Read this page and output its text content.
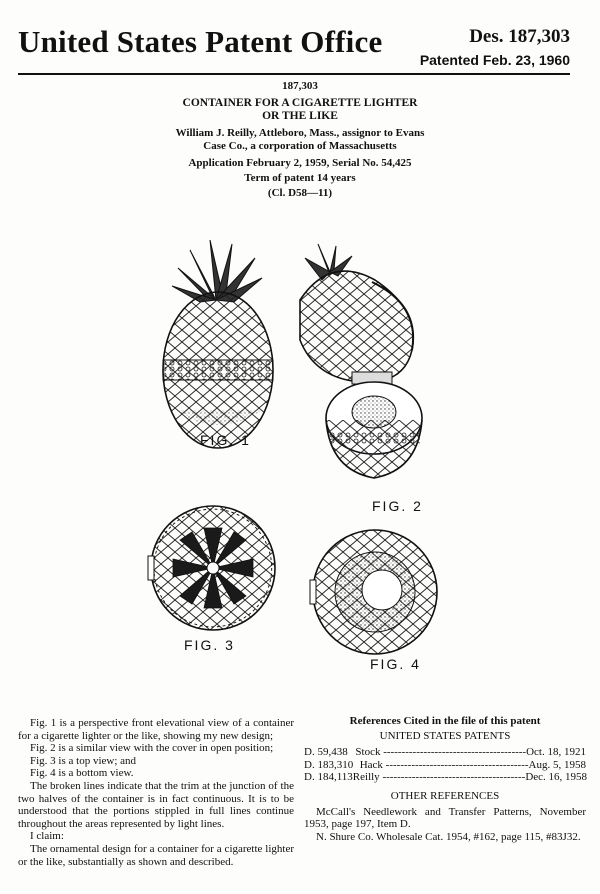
United States Patent Office	Des. 187,303
Patented Feb. 23, 1960
187,303
CONTAINER FOR A CIGARETTE LIGHTER
OR THE LIKE
William J. Reilly, Attleboro, Mass., assignor to Evans
Case Co., a corporation of Massachusetts
Application February 2, 1959, Serial No. 54,425
Term of patent 14 years
(Cl. D58—11)
FIG. 1
FIG. 2
FIG. 3
FIG. 4

Fig. 1 is a perspective front elevational view of a container for a cigarette lighter or the like, showing my new design;

Fig. 2 is a similar view with the cover in open position;

Fig. 3 is a top view; and

Fig. 4 is a bottom view.

The broken lines indicate that the trim at the junction of the two halves of the container is in fact continuous. It is to be understood that the portions stippled in full lines continue throughout the areas represented by light lines.

I claim:

The ornamental design for a container for a cigarette lighter or the like, substantially as shown and described.

References Cited in the file of this patent
UNITED STATES PATENTS
D. 59,438 Stock --------------------------------------- Oct. 18, 1921
D. 183,310 Hack --------------------------------------- Aug. 5, 1958
D. 184,113 Reilly --------------------------------------- Dec. 16, 1958
OTHER REFERENCES

McCall's Needlework and Transfer Patterns, November 1953, page 197, Item D.

N. Shure Co. Wholesale Cat. 1954, #162, page 115, #83J32.
